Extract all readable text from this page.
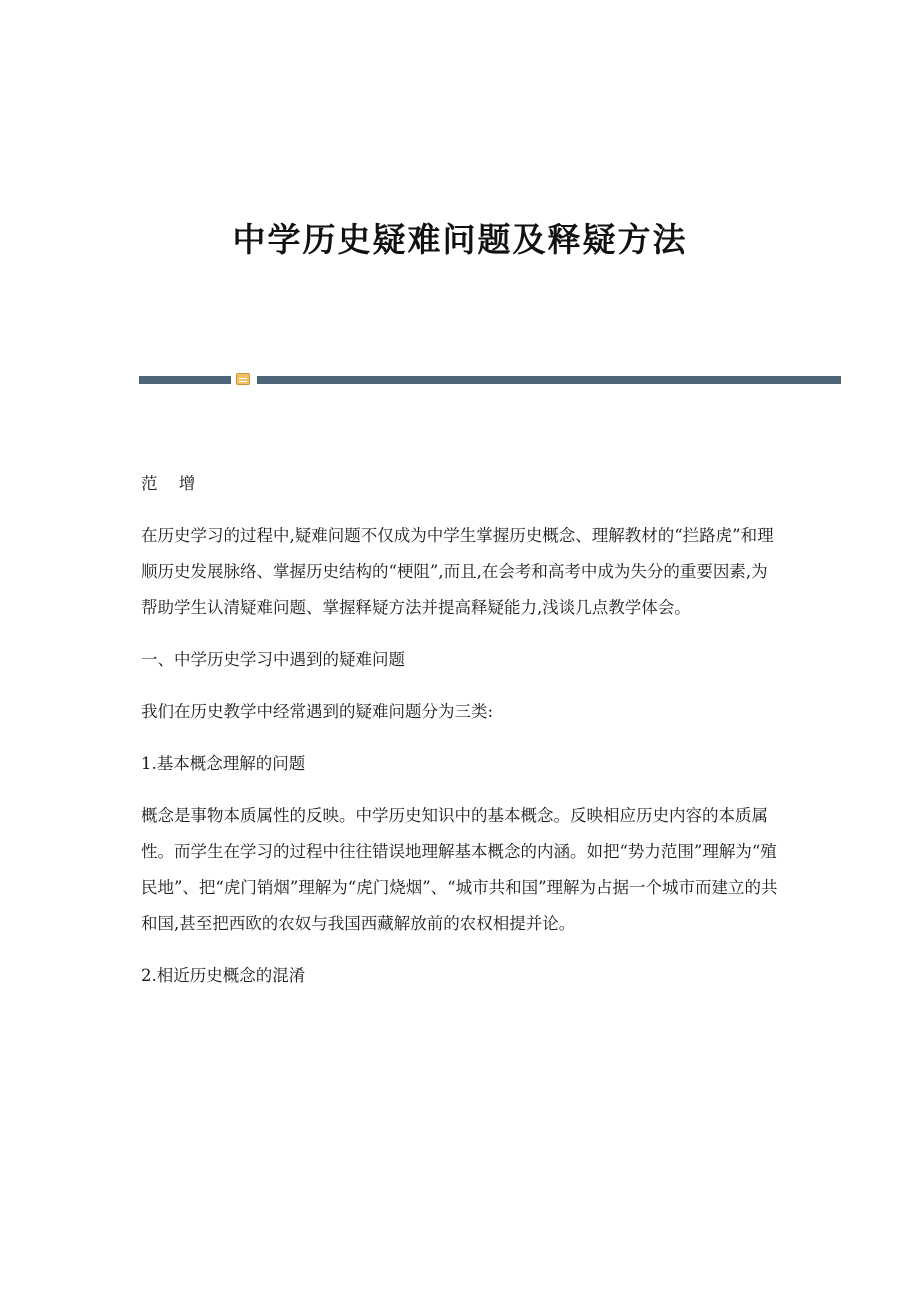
中学历史疑难问题及释疑方法

范 增

在历史学习的过程中,疑难问题不仅成为中学生掌握历史概念、理解教材的“拦路虎”和理顺历史发展脉络、掌握历史结构的“梗阻”,而且,在会考和高考中成为失分的重要因素,为帮助学生认清疑难问题、掌握释疑方法并提高释疑能力,浅谈几点教学体会。

一、中学历史学习中遇到的疑难问题

我们在历史教学中经常遇到的疑难问题分为三类:

1.基本概念理解的问题

概念是事物本质属性的反映。中学历史知识中的基本概念。反映相应历史内容的本质属性。而学生在学习的过程中往往错误地理解基本概念的内涵。如把“势力范围”理解为“殖民地”、把“虎门销烟”理解为“虎门烧烟”、“城市共和国”理解为占据一个城市而建立的共和国,甚至把西欧的农奴与我国西藏解放前的农权相提并论。

2.相近历史概念的混淆
